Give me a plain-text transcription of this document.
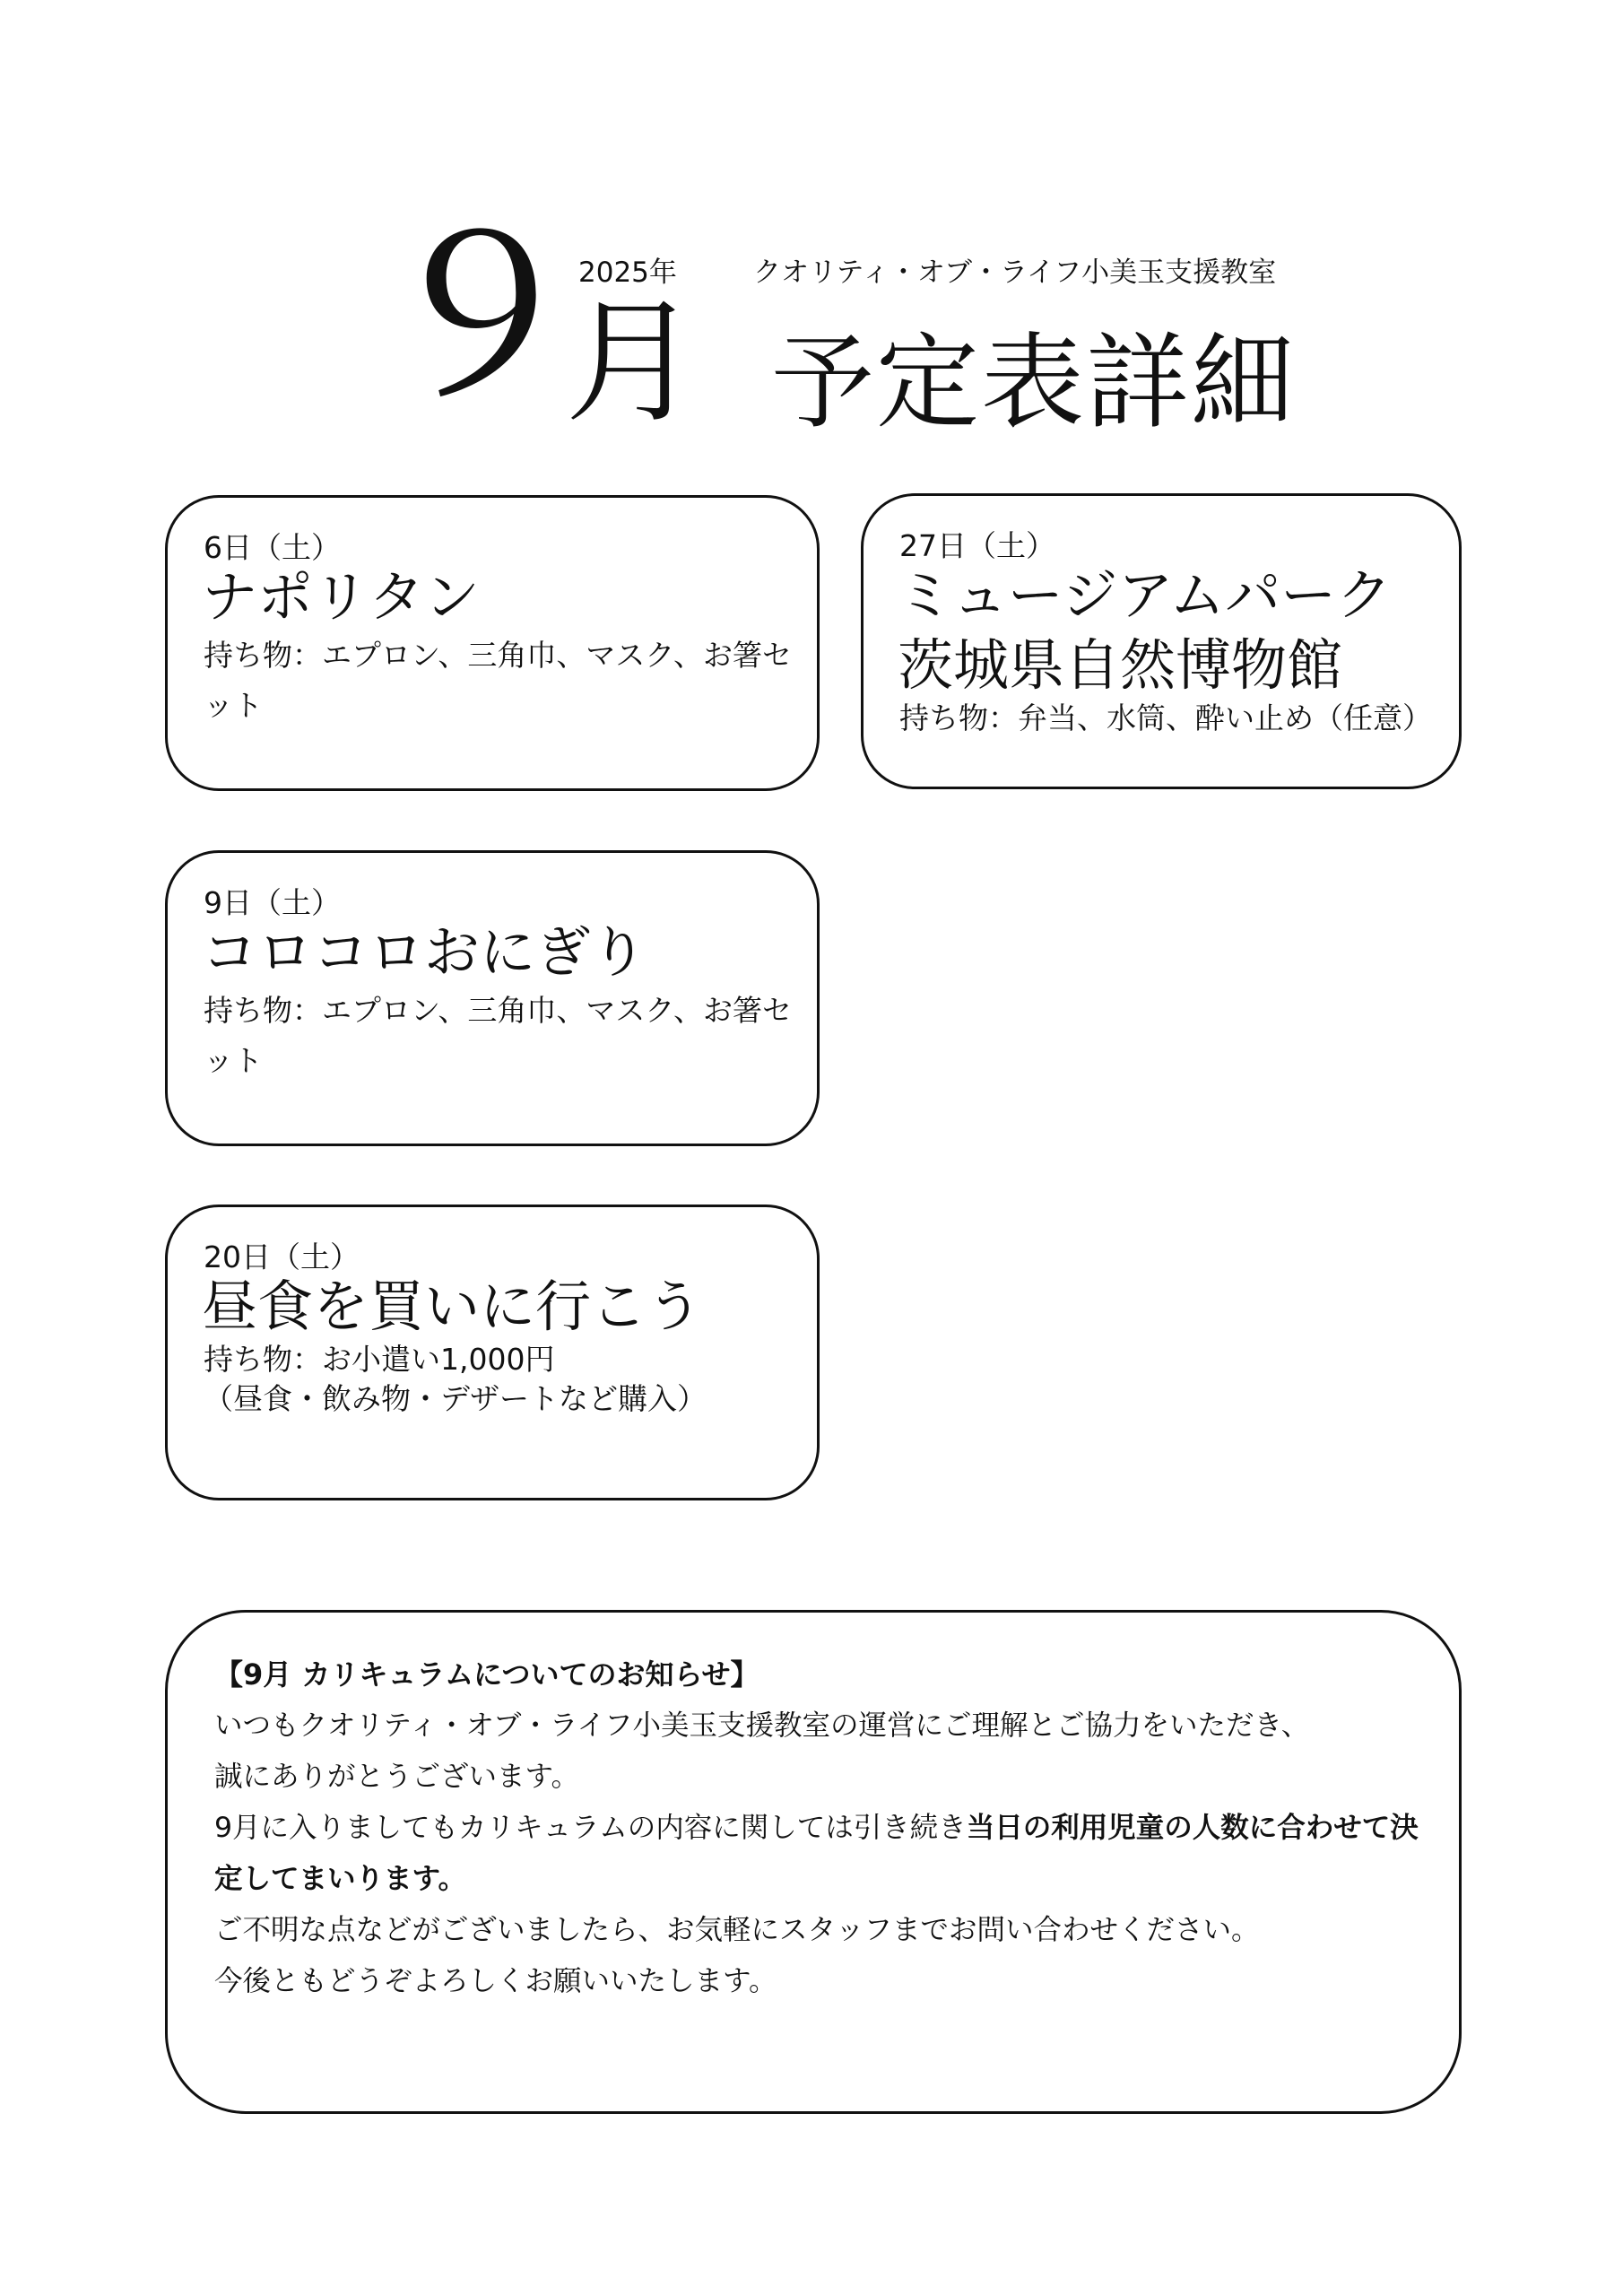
2025年	クオリティ・オブ・ライフ小美玉支援教室
９
月 予定表詳細
6日（土）
ナポリタン
持ち物：エプロン、三角巾、マスク、お箸セット
27日（土）
ミュージアムパーク
茨城県自然博物館
持ち物：弁当、水筒、酔い止め（任意）
9日（土）
コロコロおにぎり
持ち物：エプロン、三角巾、マスク、お箸セット
20日（土）
昼食を買いに行こう
持ち物：お小遣い1,000円
（昼食・飲み物・デザートなど購入）
【9月 カリキュラムについてのお知らせ】

いつもクオリティ・オブ・ライフ小美玉支援教室の運営にご理解とご協力をいただき、

誠にありがとうございます。

9月に入りましてもカリキュラムの内容に関しては引き続き当日の利用児童の人数に合わせて決定してまいります。

ご不明な点などがございましたら、お気軽にスタッフまでお問い合わせください。

今後ともどうぞよろしくお願いいたします。
